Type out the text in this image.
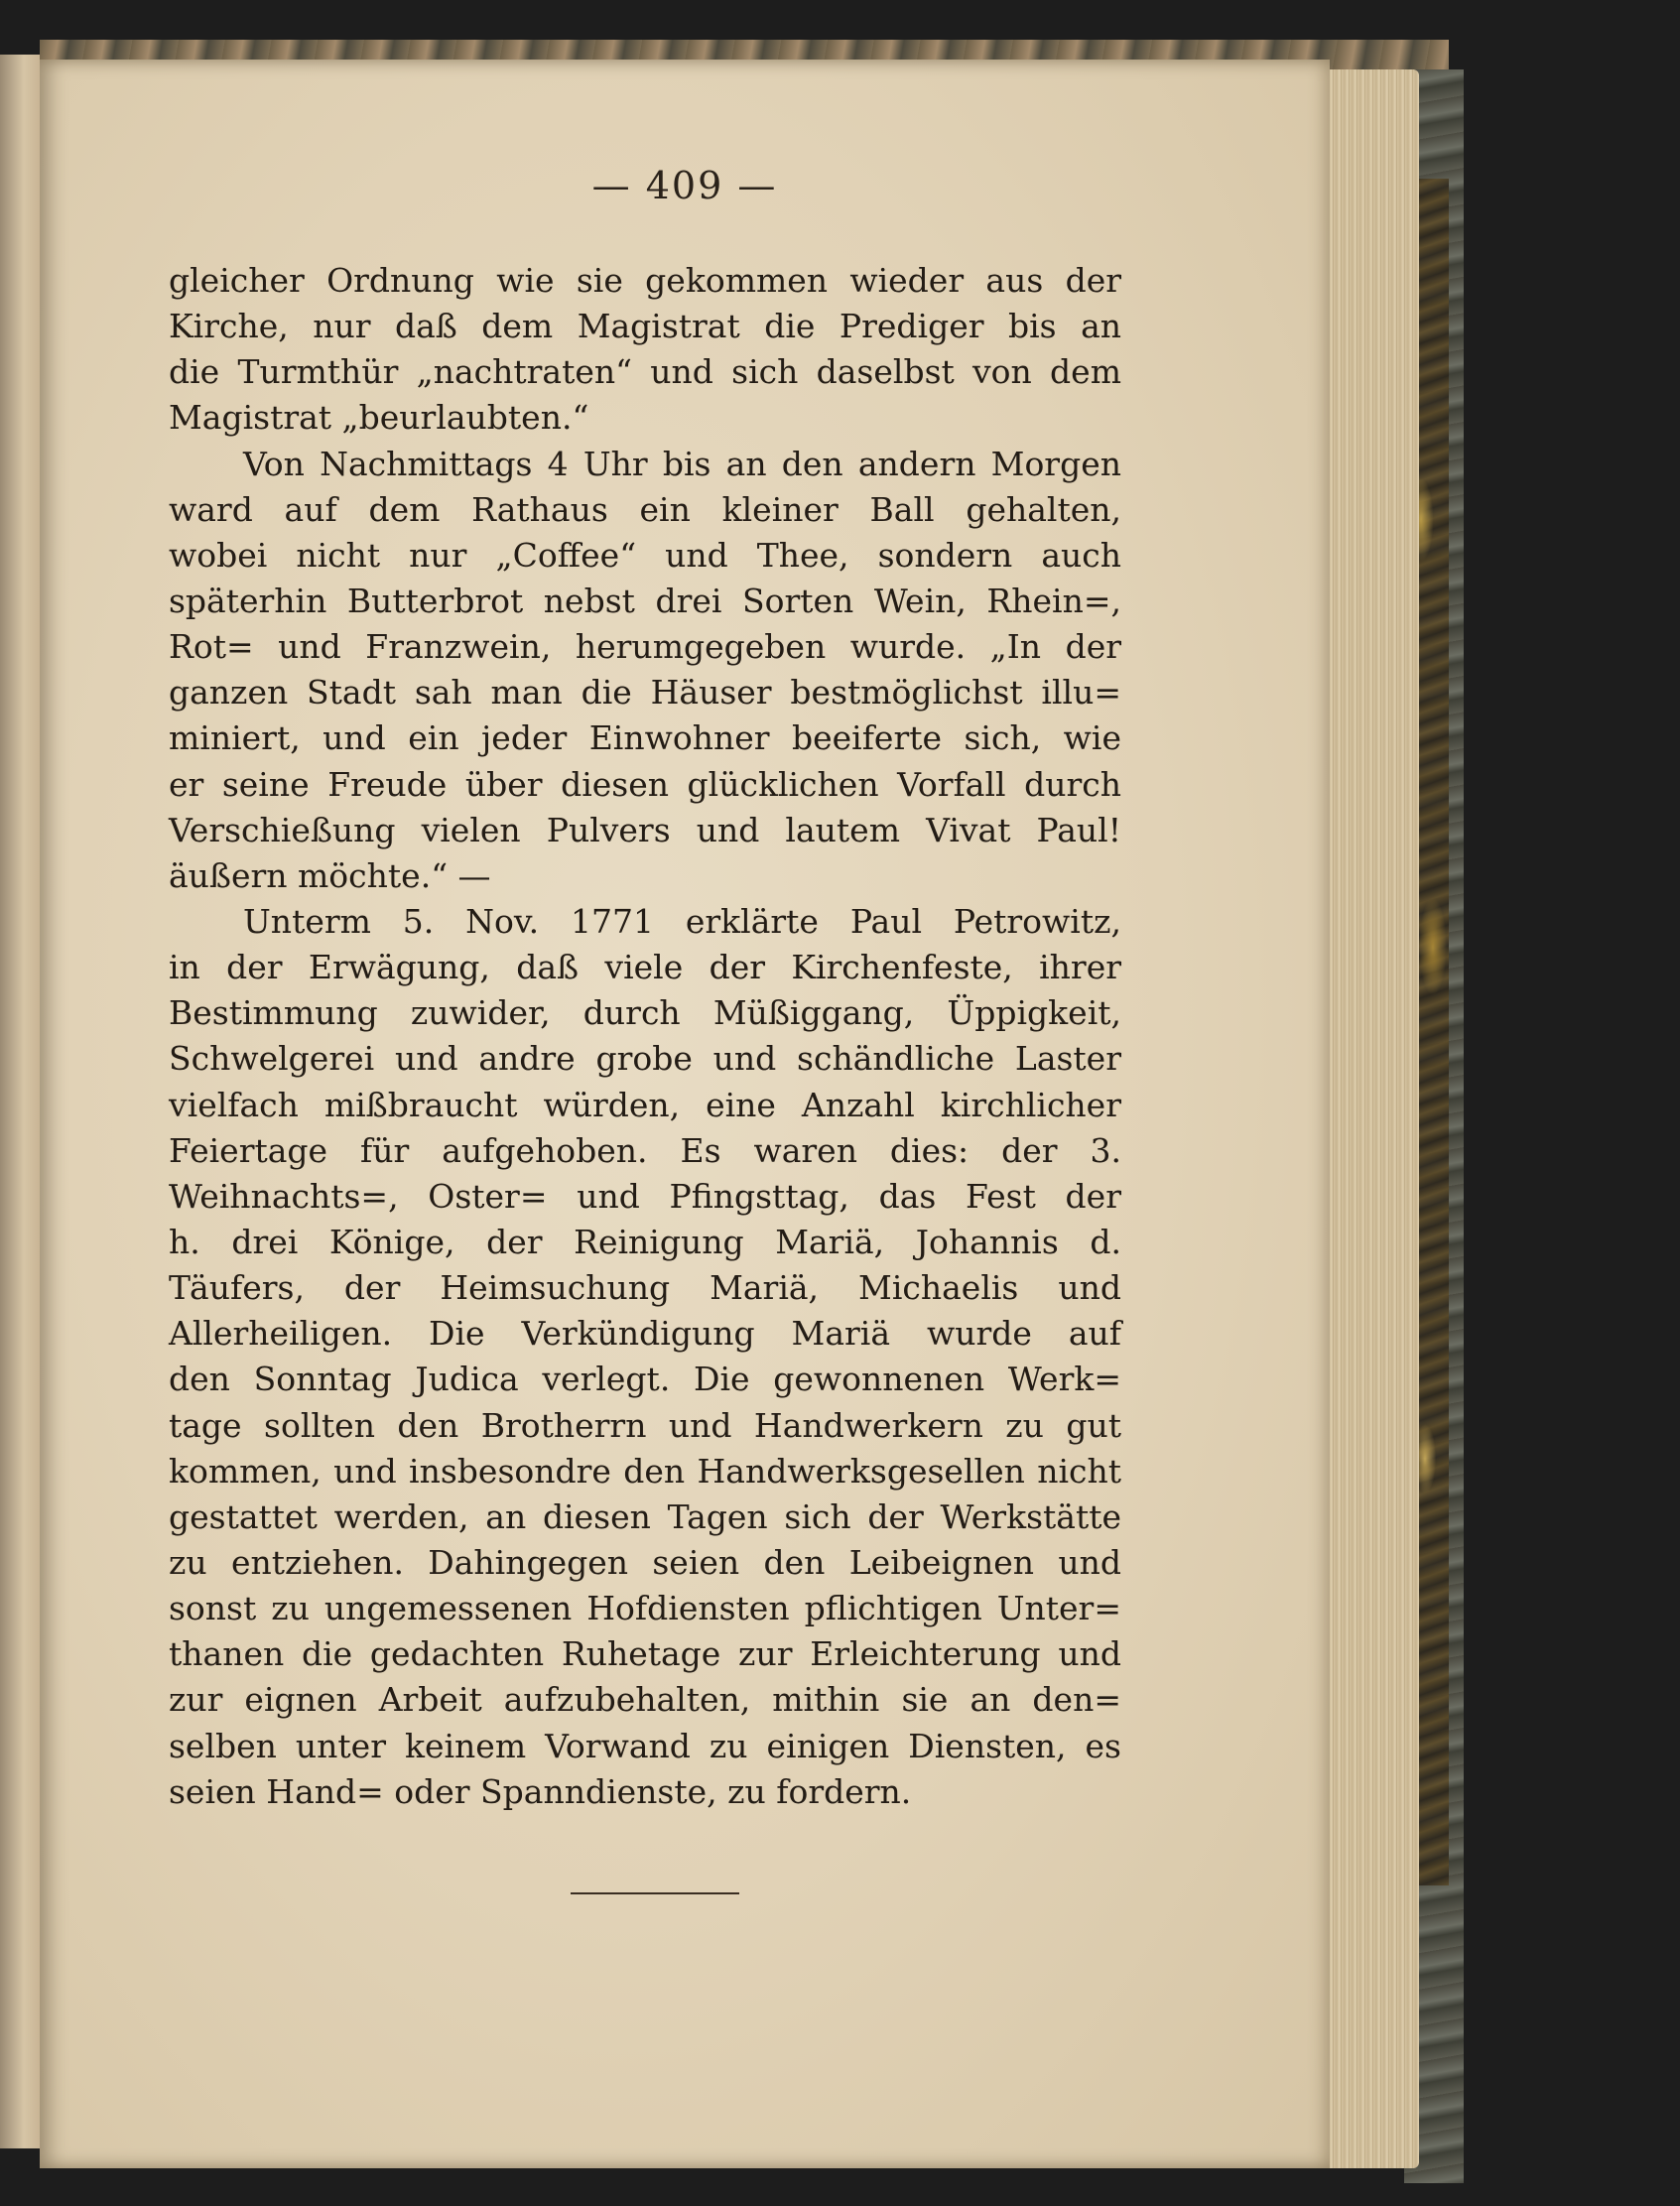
— 409 —
gleicher Ordnung wie sie gekommen wieder aus der
Kirche, nur daß dem Magistrat die Prediger bis an
die Turmthür „nachtraten“ und sich daselbst von dem
Magistrat „beurlaubten.“
Von Nachmittags 4 Uhr bis an den andern Morgen
ward auf dem Rathaus ein kleiner Ball gehalten,
wobei nicht nur „Coffee“ und Thee, sondern auch
späterhin Butterbrot nebst drei Sorten Wein, Rhein=,
Rot= und Franzwein, herumgegeben wurde. „In der
ganzen Stadt sah man die Häuser bestmöglichst illu=
miniert, und ein jeder Einwohner beeiferte sich, wie
er seine Freude über diesen glücklichen Vorfall durch
Verschießung vielen Pulvers und lautem Vivat Paul!
äußern möchte.“ —
Unterm 5. Nov. 1771 erklärte Paul Petrowitz,
in der Erwägung, daß viele der Kirchenfeste, ihrer
Bestimmung zuwider, durch Müßiggang, Üppigkeit,
Schwelgerei und andre grobe und schändliche Laster
vielfach mißbraucht würden, eine Anzahl kirchlicher
Feiertage für aufgehoben. Es waren dies: der 3.
Weihnachts=, Oster= und Pfingsttag, das Fest der
h. drei Könige, der Reinigung Mariä, Johannis d.
Täufers, der Heimsuchung Mariä, Michaelis und
Allerheiligen. Die Verkündigung Mariä wurde auf
den Sonntag Judica verlegt. Die gewonnenen Werk=
tage sollten den Brotherrn und Handwerkern zu gut
kommen, und insbesondre den Handwerksgesellen nicht
gestattet werden, an diesen Tagen sich der Werkstätte
zu entziehen. Dahingegen seien den Leibeignen und
sonst zu ungemessenen Hofdiensten pflichtigen Unter=
thanen die gedachten Ruhetage zur Erleichterung und
zur eignen Arbeit aufzubehalten, mithin sie an den=
selben unter keinem Vorwand zu einigen Diensten, es
seien Hand= oder Spanndienste, zu fordern.
